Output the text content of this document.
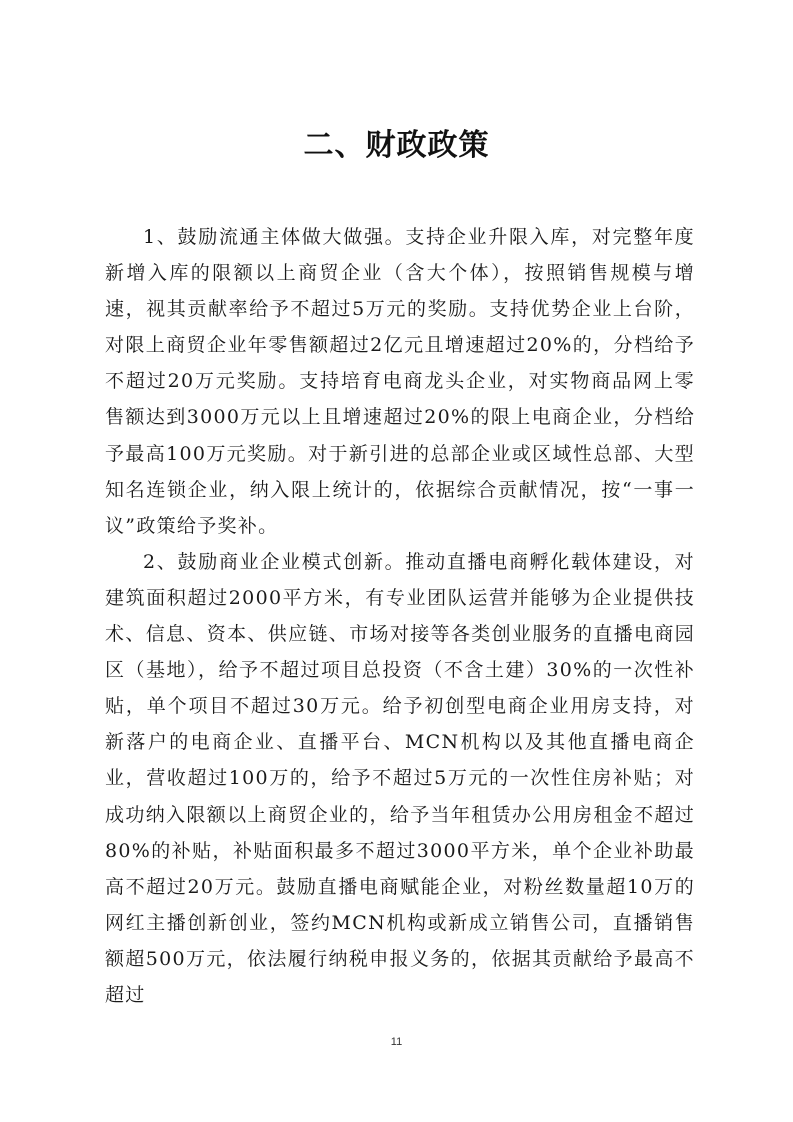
二、财政政策

1、鼓励流通主体做大做强。支持企业升限入库，对完整年度新增入库的限额以上商贸企业（含大个体），按照销售规模与增速，视其贡献率给予不超过5万元的奖励。支持优势企业上台阶，对限上商贸企业年零售额超过2亿元且增速超过20%的，分档给予不超过20万元奖励。支持培育电商龙头企业，对实物商品网上零售额达到3000万元以上且增速超过20%的限上电商企业，分档给予最高100万元奖励。对于新引进的总部企业或区域性总部、大型知名连锁企业，纳入限上统计的，依据综合贡献情况，按“一事一议”政策给予奖补。

2、鼓励商业企业模式创新。推动直播电商孵化载体建设，对建筑面积超过2000平方米，有专业团队运营并能够为企业提供技术、信息、资本、供应链、市场对接等各类创业服务的直播电商园区（基地），给予不超过项目总投资（不含土建）30%的一次性补贴，单个项目不超过30万元。给予初创型电商企业用房支持，对新落户的电商企业、直播平台、MCN机构以及其他直播电商企业，营收超过100万的，给予不超过5万元的一次性住房补贴；对成功纳入限额以上商贸企业的，给予当年租赁办公用房租金不超过80%的补贴，补贴面积最多不超过3000平方米，单个企业补助最高不超过20万元。鼓励直播电商赋能企业，对粉丝数量超10万的网红主播创新创业，签约MCN机构或新成立销售公司，直播销售额超500万元，依法履行纳税申报义务的，依据其贡献给予最高不超过

11
